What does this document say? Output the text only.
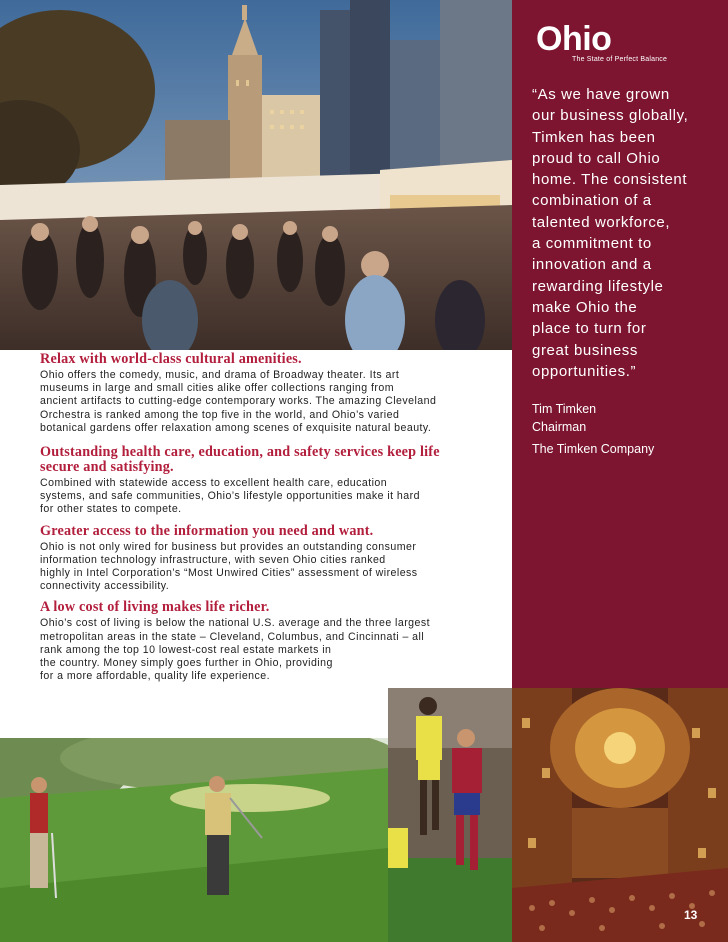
Ohio
The State of Perfect Balance

“As we have grown

our business globally,

Timken has been

proud to call Ohio

home. The consistent

combination of a

talented workforce,

a commitment to

innovation and a

rewarding lifestyle

make Ohio the

place to turn for

great business

opportunities.”

Tim Timken

Chairman

The Timken Company

Relax with world-class cultural amenities.

Ohio offers the comedy, music, and drama of Broadway theater. Its art
museums in large and small cities alike offer collections ranging from
ancient artifacts to cutting-edge contemporary works. The amazing Cleveland
Orchestra is ranked among the top five in the world, and Ohio’s varied
botanical gardens offer relaxation among scenes of exquisite natural beauty.

Outstanding health care, education, and safety services keep life secure and satisfying.

Combined with statewide access to excellent health care, education
systems, and safe communities, Ohio’s lifestyle opportunities make it hard
for other states to compete.

Greater access to the information you need and want.

Ohio is not only wired for business but provides an outstanding consumer
information technology infrastructure, with seven Ohio cities ranked
highly in Intel Corporation’s “Most Unwired Cities” assessment of wireless
connectivity accessibility.

A low cost of living makes life richer.

Ohio’s cost of living is below the national U.S. average and the three largest
metropolitan areas in the state – Cleveland, Columbus, and Cincinnati – all
rank among the top 10 lowest-cost real estate markets in
the country. Money simply goes further in Ohio, providing
for a more affordable, quality life experience.

13
